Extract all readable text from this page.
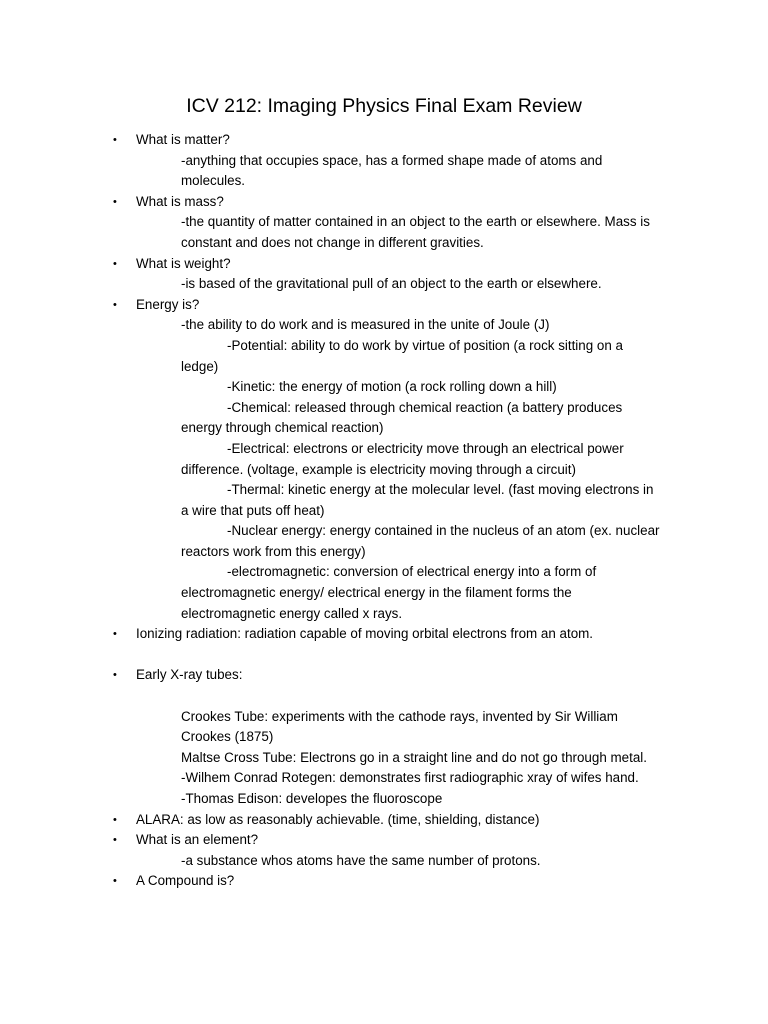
ICV 212: Imaging Physics Final Exam Review
• What is matter?
-anything that occupies space, has a formed shape made of atoms and
molecules.
• What is mass?
-the quantity of matter contained in an object to the earth or elsewhere. Mass is
constant and does not change in different gravities.
• What is weight?
-is based of the gravitational pull of an object to the earth or elsewhere.
• Energy is?
-the ability to do work and is measured in the unite of Joule (J)
-Potential: ability to do work by virtue of position (a rock sitting on a
ledge)
-Kinetic: the energy of motion (a rock rolling down a hill)
-Chemical: released through chemical reaction (a battery produces
energy through chemical reaction)
-Electrical: electrons or electricity move through an electrical power
difference. (voltage, example is electricity moving through a circuit)
-Thermal: kinetic energy at the molecular level. (fast moving electrons in
a wire that puts off heat)
-Nuclear energy: energy contained in the nucleus of an atom (ex. nuclear
reactors work from this energy)
-electromagnetic: conversion of electrical energy into a form of
electromagnetic energy/ electrical energy in the filament forms the
electromagnetic energy called x rays.
• Ionizing radiation: radiation capable of moving orbital electrons from an atom.
• Early X-ray tubes:
Crookes Tube: experiments with the cathode rays, invented by Sir William
Crookes (1875)
Maltse Cross Tube: Electrons go in a straight line and do not go through metal.
-Wilhem Conrad Rotegen: demonstrates first radiographic xray of wifes hand.
-Thomas Edison: developes the fluoroscope
• ALARA: as low as reasonably achievable. (time, shielding, distance)
• What is an element?
-a substance whos atoms have the same number of protons.
• A Compound is?
